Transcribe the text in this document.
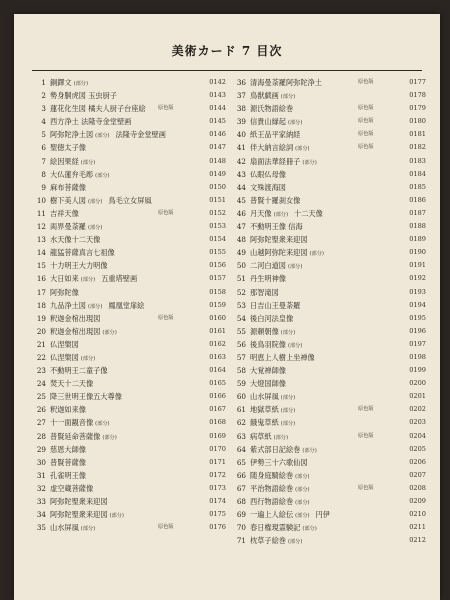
美術カード 7 目次
1 銅鐸文 (部分)	0142
2 勢身胴虎図 玉虫厨子	0143
3 蓮花化生図 橘夫人厨子台座絵 原色版	0144
4 西方浄土 法隆寺金堂壁画	0145
5 阿弥陀浄土図 (部分) 法隆寺金堂壁画	0146
6 聖徳太子像	0147
7 絵因果経 (部分)	0148
8 大仏蓮弁毛彫 (部分)	0149
9 麻布菩薩像	0150
10 樹下美人図 (部分) 鳥毛立女屏風	0151
11 吉祥天像	原色版	0152
12 両界曼荼羅 (部分)	0153
13 水天像十二天像	0154
14 龍猛菩薩真言七祖像	0155
15 十力明王大力明像	0156
16 大日如来 (部分) 五重塔壁画	0157
17 阿弥陀像	0158
18 九品浄土図 (部分) 鳳凰堂扉絵	0159
19 釈迦金棺出現図	原色版	0160
20 釈迦金棺出現図 (部分)	0161
21 仏涅槃図	0162
22 仏涅槃図 (部分)	0163
23 不動明王二童子像	0164
24 焚天十二天像	0165
25 降三世明王像五大尊像	0166
26 釈迦如来像	0167
27 十一面観音像 (部分)	0168
28 普賢延命菩薩像 (部分)	0169
29 慈恩大師像	0170
30 普賢菩薩像	0171
31 孔雀明王像	0172
32 虚空蔵菩薩像	0173
33 阿弥陀聖衆来迎図	0174
34 阿弥陀聖衆来迎図 (部分)	0175
35 山水屏風 (部分)	原色版	0176
36 清海曼荼羅阿弥陀浄土	原色版	0177
37 鳥獣戯画 (部分)	0178
38 源氏物語絵巻	原色版	0179
39 信貴山縁起 (部分)	原色版	0180
40 紙王品平家納経	原色版	0181
41 伴大納言絵詞 (部分)	原色版	0182
42 扇面法華経冊子 (部分)	0183
43 仏眼仏母像	0184
44 文殊渡海図	0185
45 普賢十羅刹女像	0186
46 月天像 (部分) 十二天像	0187
47 不動明王像 信海	0188
48 阿弥陀聖衆来迎図	0189
49 山越阿弥陀来迎図 (部分)	0190
50 二河白道図 (部分)	0191
51 丹生明神像	0192
52 那智滝図	0193
53 日吉山王曼荼羅	0194
54 後白河法皇像	0195
55 源頼朝像 (部分)	0196
56 後鳥羽院像 (部分)	0197
57 明恵上人樹上坐禅像	0198
58 大覚禅師像	0199
59 大燈国師像	0200
60 山水屏風 (部分)	0201
61 地獄草紙 (部分)	原色版	0202
62 餓鬼草紙 (部分)	0203
63 病草紙 (部分)	原色版	0204
64 紫式部日記絵巻 (部分)	0205
65 伊勢三十六歌仙図	0206
66 随身庭騎絵巻 (部分)	0207
67 平治物語絵巻 (部分)	原色版	0208
68 西行物語絵巻 (部分)	0209
69 一遍上人絵伝 (部分) 円伊	0210
70 春日権現霊験記 (部分)	0211
71 枕草子絵巻 (部分)	0212
